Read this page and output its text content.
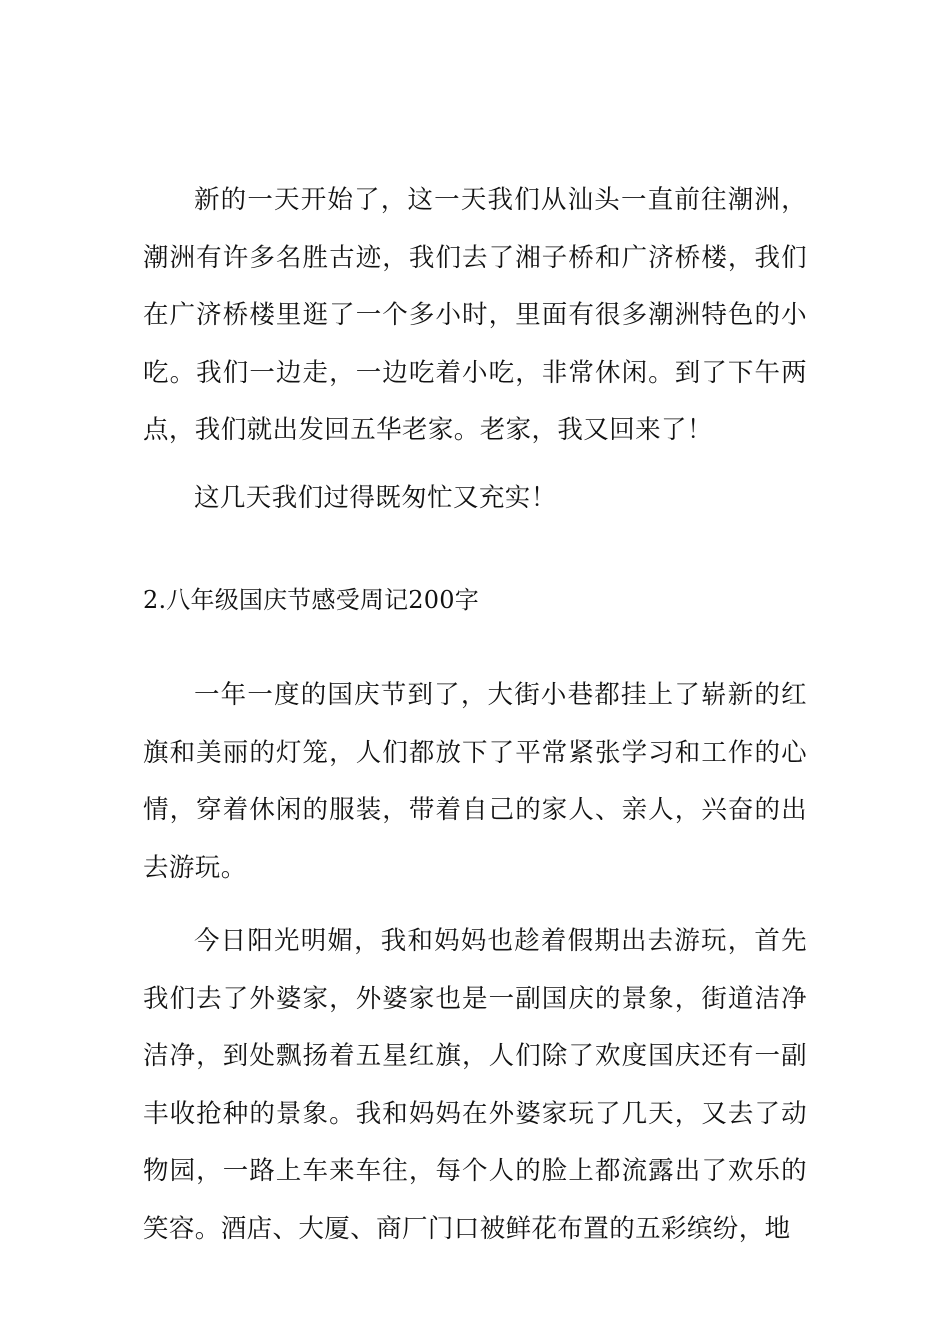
新的一天开始了，这一天我们从汕头一直前往潮洲，潮洲有许多名胜古迹，我们去了湘子桥和广济桥楼，我们在广济桥楼里逛了一个多小时，里面有很多潮洲特色的小吃。我们一边走，一边吃着小吃，非常休闲。到了下午两点，我们就出发回五华老家。老家，我又回来了！

这几天我们过得既匆忙又充实！

2.八年级国庆节感受周记200字

一年一度的国庆节到了，大街小巷都挂上了崭新的红旗和美丽的灯笼，人们都放下了平常紧张学习和工作的心情，穿着休闲的服装，带着自己的家人、亲人，兴奋的出去游玩。

今日阳光明媚，我和妈妈也趁着假期出去游玩，首先我们去了外婆家，外婆家也是一副国庆的景象，街道洁净洁净，到处飘扬着五星红旗，人们除了欢度国庆还有一副丰收抢种的景象。我和妈妈在外婆家玩了几天，又去了动物园，一路上车来车往，每个人的脸上都流露出了欢乐的笑容。酒店、大厦、商厂门口被鲜花布置的五彩缤纷，地
